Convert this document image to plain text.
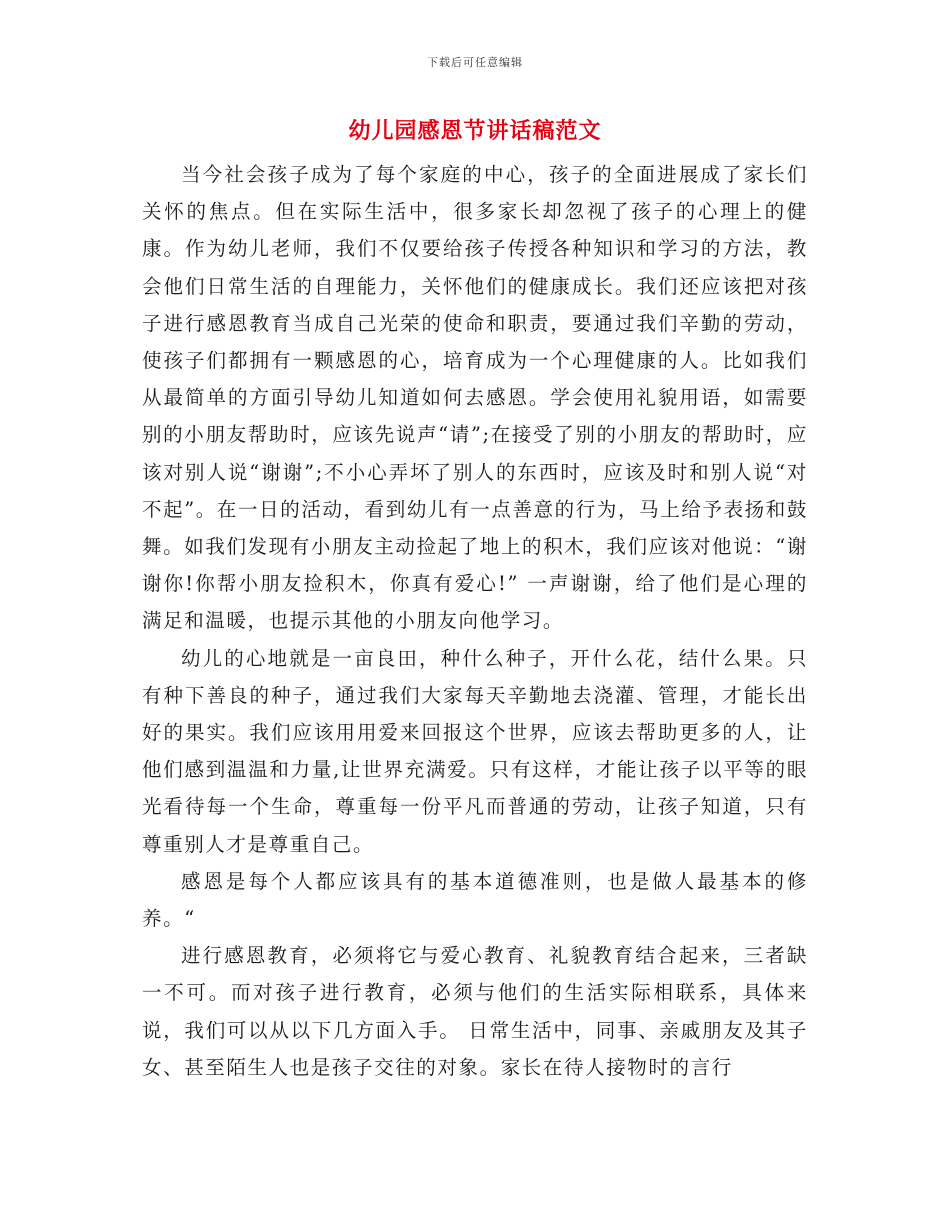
下载后可任意编辑
幼儿园感恩节讲话稿范文

当今社会孩子成为了每个家庭的中心，孩子的全面进展成了家长们关怀的焦点。但在实际生活中，很多家长却忽视了孩子的心理上的健康。作为幼儿老师，我们不仅要给孩子传授各种知识和学习的方法，教会他们日常生活的自理能力，关怀他们的健康成长。我们还应该把对孩子进行感恩教育当成自己光荣的使命和职责，要通过我们辛勤的劳动，使孩子们都拥有一颗感恩的心，培育成为一个心理健康的人。比如我们从最简单的方面引导幼儿知道如何去感恩。学会使用礼貌用语，如需要别的小朋友帮助时，应该先说声“请”;在接受了别的小朋友的帮助时，应该对别人说“谢谢”;不小心弄坏了别人的东西时，应该及时和别人说“对不起”。在一日的活动，看到幼儿有一点善意的行为，马上给予表扬和鼓舞。如我们发现有小朋友主动捡起了地上的积木，我们应该对他说：“谢谢你!你帮小朋友捡积木，你真有爱心!” 一声谢谢，给了他们是心理的满足和温暖，也提示其他的小朋友向他学习。

幼儿的心地就是一亩良田，种什么种子，开什么花，结什么果。只有种下善良的种子，通过我们大家每天辛勤地去浇灌、管理，才能长出好的果实。我们应该用用爱来回报这个世界，应该去帮助更多的人，让他们感到温温和力量,让世界充满爱。只有这样，才能让孩子以平等的眼光看待每一个生命，尊重每一份平凡而普通的劳动，让孩子知道，只有尊重别人才是尊重自己。

感恩是每个人都应该具有的基本道德准则，也是做人最基本的修养。“

进行感恩教育，必须将它与爱心教育、礼貌教育结合起来，三者缺一不可。而对孩子进行教育，必须与他们的生活实际相联系，具体来说，我们可以从以下几方面入手。 日常生活中，同事、亲戚朋友及其子女、甚至陌生人也是孩子交往的对象。家长在待人接物时的言行
